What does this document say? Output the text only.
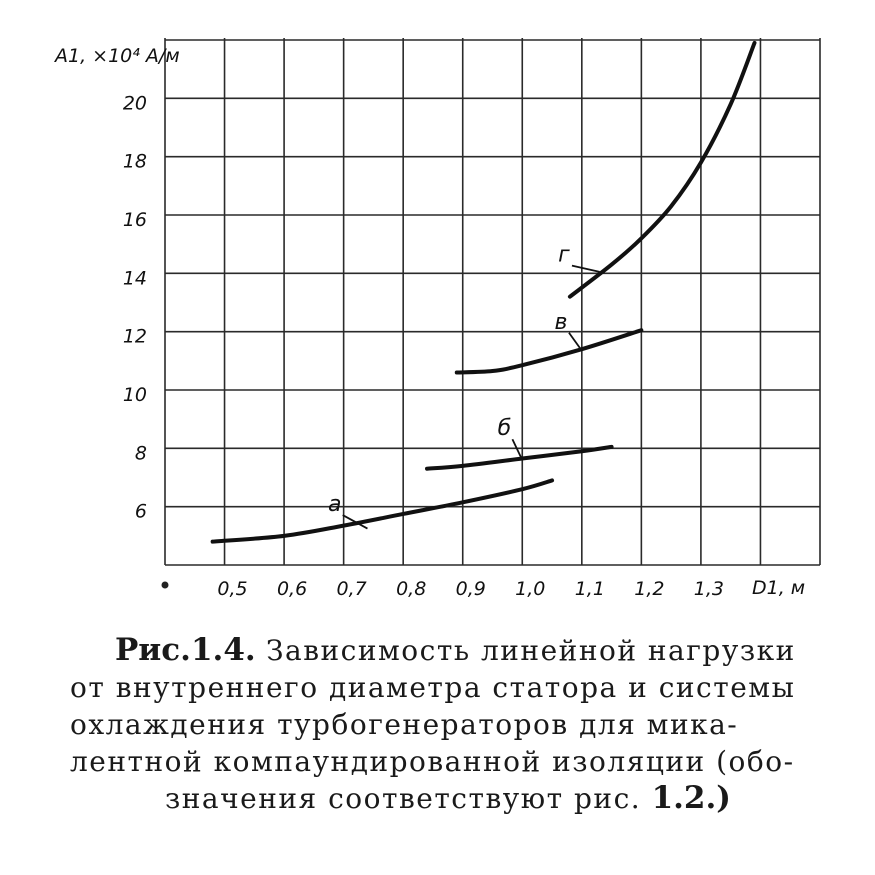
0,5 0,6 0,7 0,8 0,9 1,0 1,1 1,2 1,3
6
8
10
12
14
16
18
20
а
б
в
г
A1, ×10⁴ А/м
D1, м
Рис.1.4. Зависимость линейной нагрузки
от внутреннего диаметра статора и системы
охлаждения турбогенераторов для мика-
лентной компаундированной изоляции (обо-
значения соответствуют рис. 1.2.)
